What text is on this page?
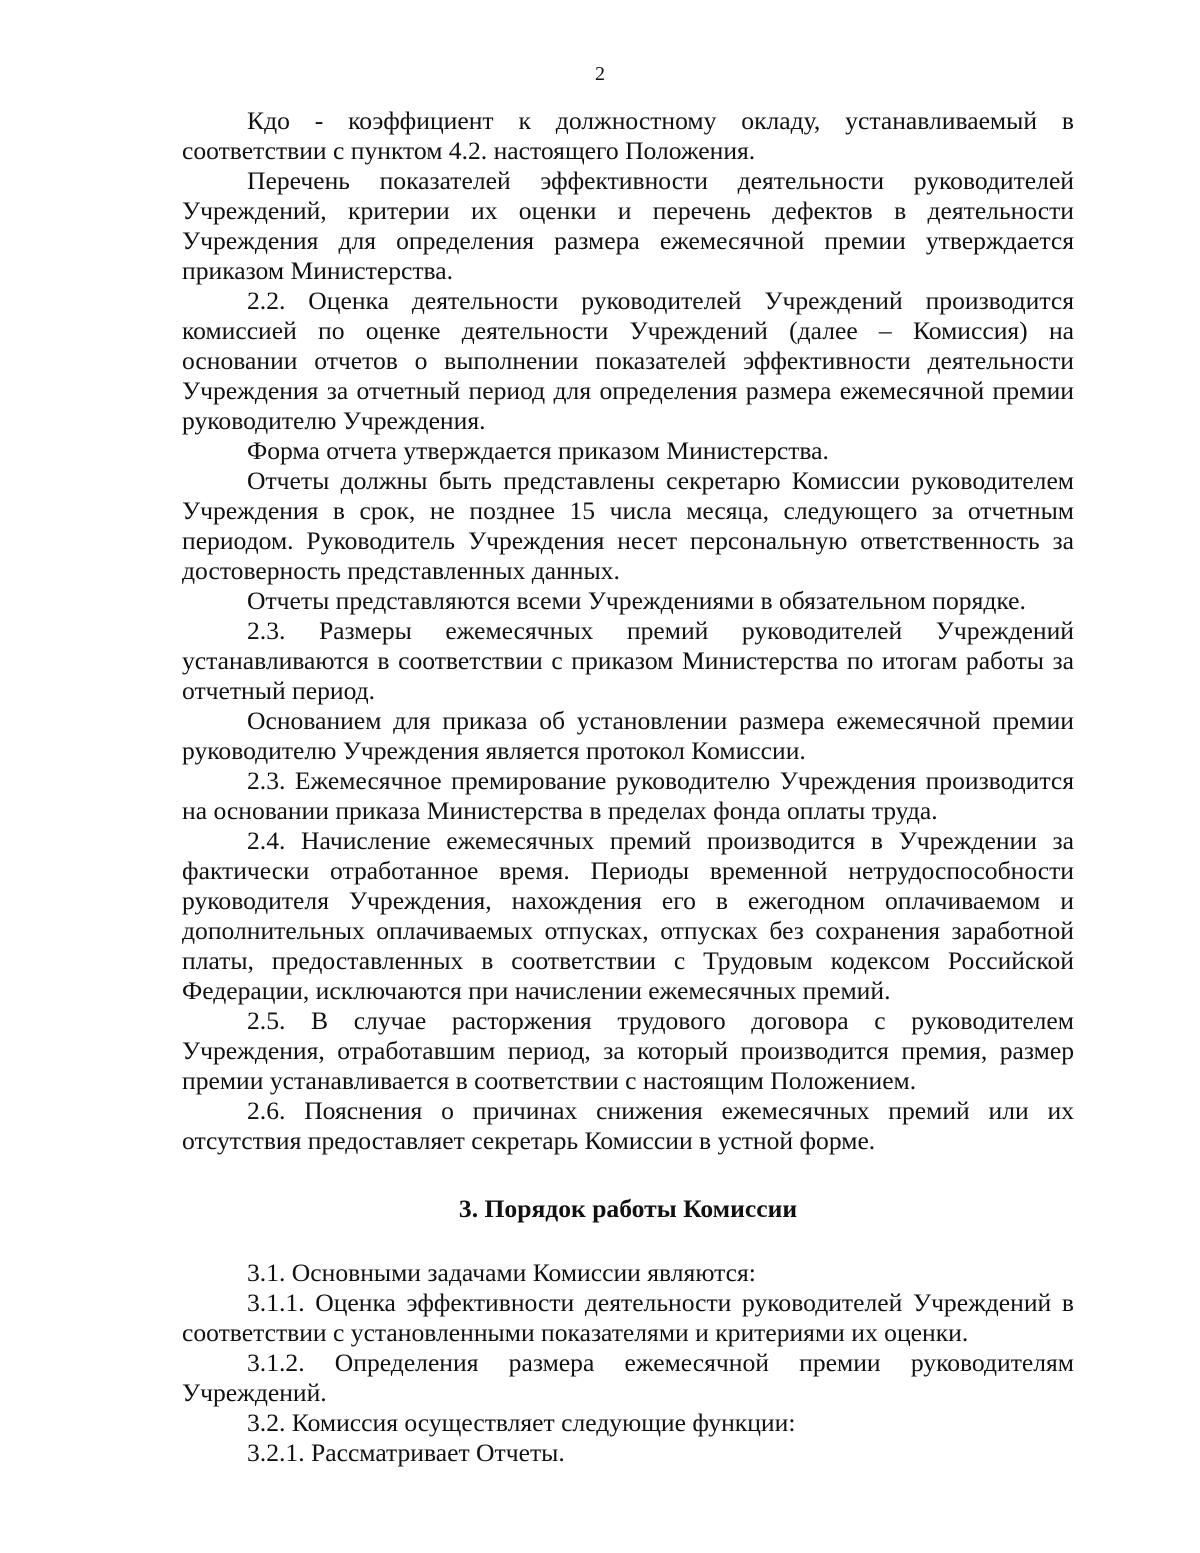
2

Кдо - коэффициент к должностному окладу, устанавливаемый в соответствии с пунктом 4.2. настоящего Положения.

Перечень показателей эффективности деятельности руководителей Учреждений, критерии их оценки и перечень дефектов в деятельности Учреждения для определения размера ежемесячной премии утверждается приказом Министерства.

2.2. Оценка деятельности руководителей Учреждений производится комиссией по оценке деятельности Учреждений (далее – Комиссия) на основании отчетов о выполнении показателей эффективности деятельности Учреждения за отчетный период для определения размера ежемесячной премии руководителю Учреждения.

Форма отчета утверждается приказом Министерства.

Отчеты должны быть представлены секретарю Комиссии руководителем Учреждения в срок, не позднее 15 числа месяца, следующего за отчетным периодом. Руководитель Учреждения несет персональную ответственность за достоверность представленных данных.

Отчеты представляются всеми Учреждениями в обязательном порядке.

2.3. Размеры ежемесячных премий руководителей Учреждений устанавливаются в соответствии с приказом Министерства по итогам работы за отчетный период.

Основанием для приказа об установлении размера ежемесячной премии руководителю Учреждения является протокол Комиссии.

2.3. Ежемесячное премирование руководителю Учреждения производится на основании приказа Министерства в пределах фонда оплаты труда.

2.4. Начисление ежемесячных премий производится в Учреждении за фактически отработанное время. Периоды временной нетрудоспособности руководителя Учреждения, нахождения его в ежегодном оплачиваемом и дополнительных оплачиваемых отпусках, отпусках без сохранения заработной платы, предоставленных в соответствии с Трудовым кодексом Российской Федерации, исключаются при начислении ежемесячных премий.

2.5. В случае расторжения трудового договора с руководителем Учреждения, отработавшим период, за который производится премия, размер премии устанавливается в соответствии с настоящим Положением.

2.6. Пояснения о причинах снижения ежемесячных премий или их отсутствия предоставляет секретарь Комиссии в устной форме.

3. Порядок работы Комиссии

3.1. Основными задачами Комиссии являются:

3.1.1. Оценка эффективности деятельности руководителей Учреждений в соответствии с установленными показателями и критериями их оценки.

3.1.2. Определения размера ежемесячной премии руководителям Учреждений.

3.2. Комиссия осуществляет следующие функции:

3.2.1. Рассматривает Отчеты.
